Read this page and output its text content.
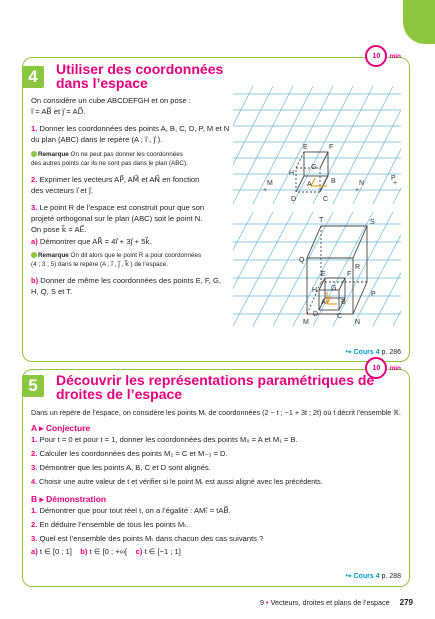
10 min
4	Utiliser des coordonnées dans l’espace
On considère un cube ABCDEFGH et on pose :
i⃗ = AB⃗ et j⃗ = AD⃗.
1. Donner les coordonnées des points A, B, C, D, P, M et N
du plan (ABC) dans le repère (A ; i⃗ , j⃗ ).
Remarque On ne peut pas donner les coordonnées
des autres points car ils ne sont pas dans le plan (ABC).
2. Exprimer les vecteurs AP⃗, AM⃗ et AN⃗ en fonction
des vecteurs i⃗ et j⃗.
3. Le point R de l’espace est construit pour que son
projeté orthogonal sur le plan (ABC) soit le point N.
On pose k⃗ = AE⃗.
a) Démontrer que AR⃗ = 4i⃗ + 3j⃗ + 5k⃗.
Remarque On dit alors que le point R a pour coordonnées
(4 ; 3 ; 5) dans le repère (A ; i⃗ , j⃗ , k⃗ ) de l’espace.
b) Donner de même les coordonnées des points E, F, G,
H, Q, S et T.
E	F
H
G
A	B
D	C
P
+
M
+
N
+
T	S
Q
R
E	F
H G
B
A
D	C
P
M	N
↪ Cours 4 p. 286
10 min
5	Découvrir les représentations paramétriques de droites de l’espace
Dans un repère de l’espace, on considère les points Mₜ de coordonnées (2 − t ; −1 + 3t ; 2t) où t décrit l’ensemble ℝ.
A ▸ Conjecture
1. Pour t = 0 et pour t = 1, donner les coordonnées des points M₀ = A et M₁ = B.
2. Calculer les coordonnées des points M₂ = C et M₋₃ = D.
3. Démontrer que les points A, B, C et D sont alignés.
4. Choisir une autre valeur de t et vérifier si le point Mₜ est aussi aligné avec les précédents.
B ▸ Démonstration
1. Démontrer que pour tout réel t, on a l’égalité : AMₜ⃗ = tAB⃗.
2. En déduire l’ensemble de tous les points Mₜ.
3. Quel est l’ensemble des points Mₜ dans chacun des cas suivants ?
a) t ∈ [0 ; 1] b) t ∈ [0 ; +∞[ c) t ∈ [−1 ; 1]
↪ Cours 4 p. 288
9 • Vecteurs, droites et plans de l’espace 279
